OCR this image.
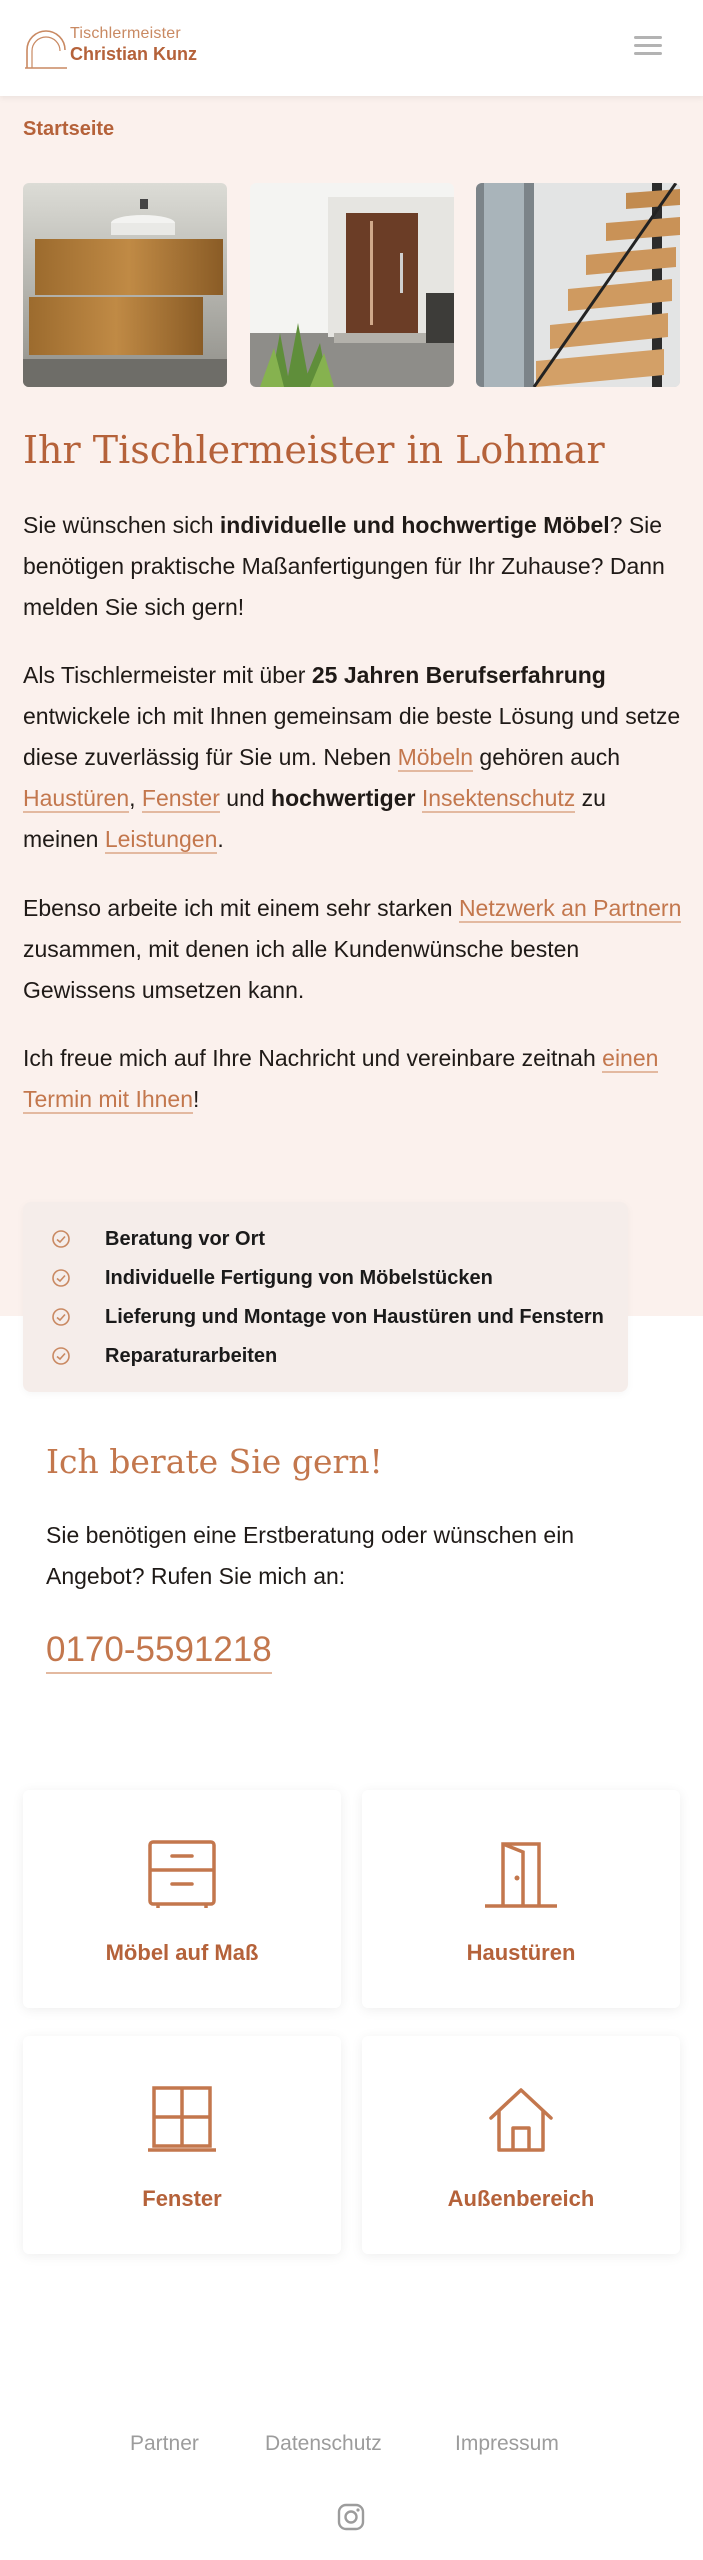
Tischlermeister
Christian Kunz
Startseite
Ihr Tischlermeister in Lohmar
Sie wünschen sich individuelle und hochwertige Möbel? Sie benötigen praktische Maßanfertigungen für Ihr Zuhause? Dann melden Sie sich gern!
Als Tischlermeister mit über 25 Jahren Berufserfahrung entwickele ich mit Ihnen gemeinsam die beste Lösung und setze diese zuverlässig für Sie um. Neben Möbeln gehören auch Haustüren, Fenster und hochwertiger Insektenschutz zu meinen Leistungen.
Ebenso arbeite ich mit einem sehr starken Netzwerk an Partnern zusammen, mit denen ich alle Kundenwünsche besten Gewissens umsetzen kann.
Ich freue mich auf Ihre Nachricht und vereinbare zeitnah einen Termin mit Ihnen!
Beratung vor Ort
Individuelle Fertigung von Möbelstücken
Lieferung und Montage von Haustüren und Fenstern
Reparaturarbeiten
Ich berate Sie gern!
Sie benötigen eine Erstberatung oder wünschen ein Angebot? Rufen Sie mich an:
0170-5591218
Möbel auf Maß	Haustüren
Fenster	Außenbereich
Partner	Datenschutz	Impressum
